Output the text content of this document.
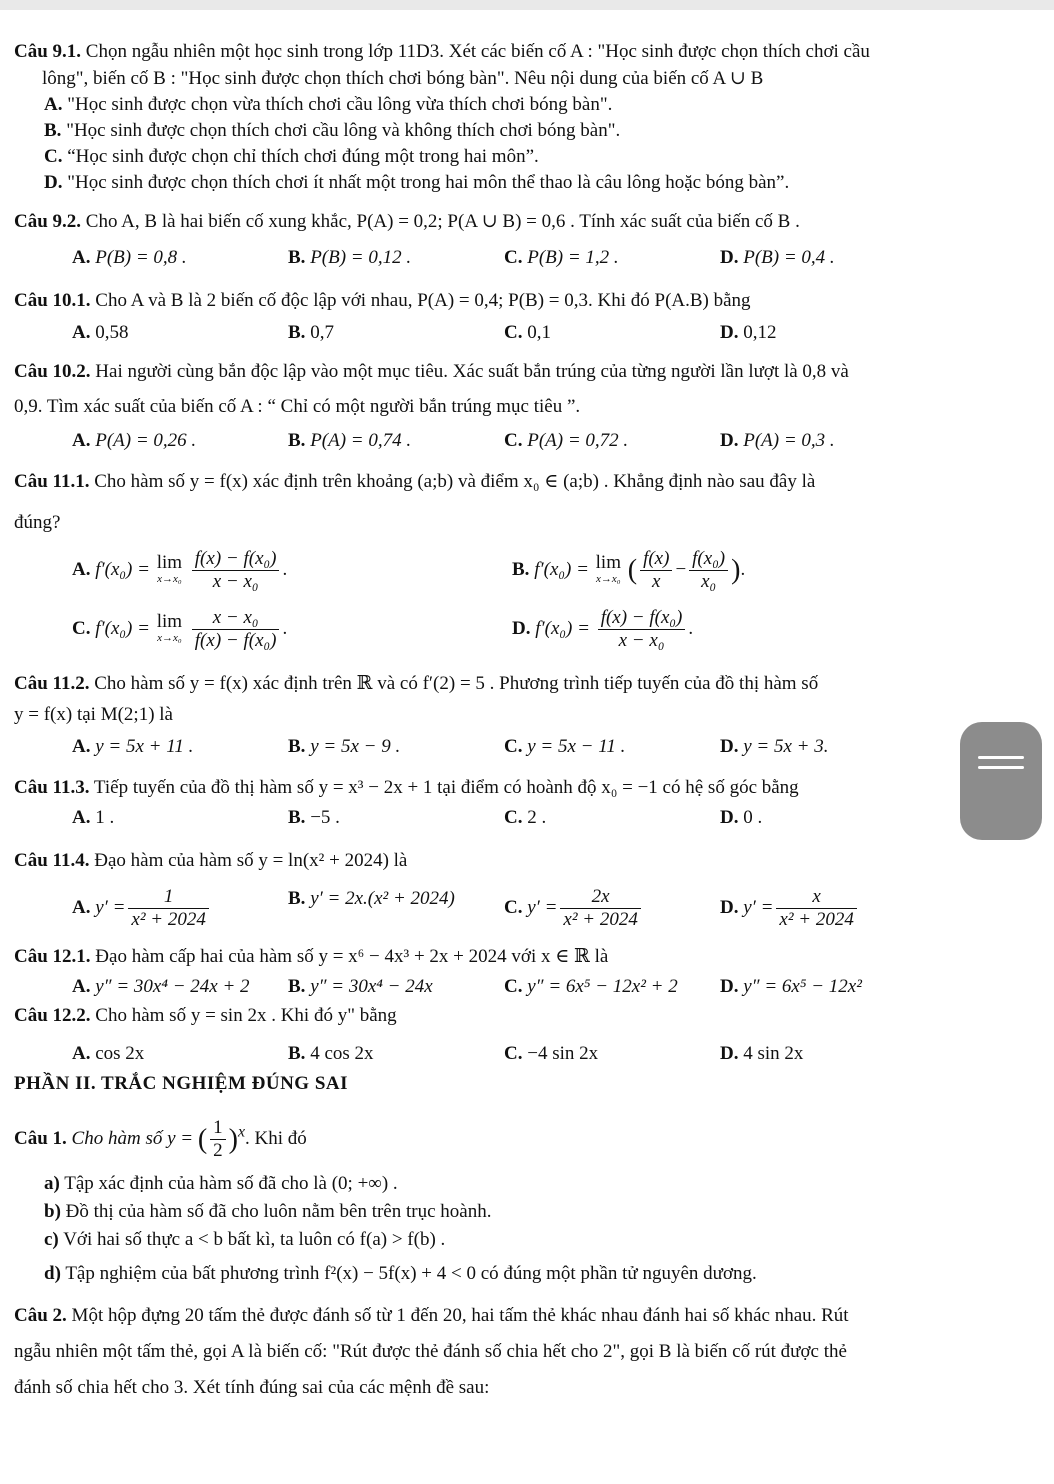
Câu 9.1. Chọn ngẫu nhiên một học sinh trong lớp 11D3. Xét các biến cố A : "Học sinh được chọn thích chơi cầu

lông", biến cố B : "Học sinh được chọn thích chơi bóng bàn". Nêu nội dung của biến cố A ∪ B

A. "Học sinh được chọn vừa thích chơi cầu lông vừa thích chơi bóng bàn".

B. "Học sinh được chọn thích chơi cầu lông và không thích chơi bóng bàn".

C. “Học sinh được chọn chỉ thích chơi đúng một trong hai môn”.

D. "Học sinh được chọn thích chơi ít nhất một trong hai môn thể thao là câu lông hoặc bóng bàn”.

Câu 9.2. Cho A, B là hai biến cố xung khắc, P(A) = 0,2; P(A ∪ B) = 0,6 . Tính xác suất của biến cố B .

A. P(B) = 0,8 .	B. P(B) = 0,12 .	C. P(B) = 1,2 .	D. P(B) = 0,4 .

Câu 10.1. Cho A và B là 2 biến cố độc lập với nhau, P(A) = 0,4; P(B) = 0,3. Khi đó P(A.B) bằng

A. 0,58	B. 0,7	C. 0,1	D. 0,12

Câu 10.2. Hai người cùng bắn độc lập vào một mục tiêu. Xác suất bắn trúng của từng người lần lượt là 0,8 và

0,9. Tìm xác suất của biến cố A : “ Chỉ có một người bắn trúng mục tiêu ”.

A. P(A) = 0,26 .	B. P(A) = 0,74 .	C. P(A) = 0,72 .	D. P(A) = 0,3 .

Câu 11.1. Cho hàm số y = f(x) xác định trên khoảng (a;b) và điểm x₀ ∈ (a;b) . Khẳng định nào sau đây là

đúng?

A. f′(x₀) = lim
x→x₀
$\frac{\text{f(x) − f(x₀)}}{\text{x − x₀}}$ .	B. f′(x₀) = lim
x→x₀ ( $\frac{f(x)}{x} - \frac{\text{f(x₀)}}{\text{x₀}}$ ).
C. f′(x₀) = lim
x→x₀
$\frac{\text{x − x₀}}{\text{f(x) − f(x₀)}}$ .	D. $f'(x_0) = \frac{\text{f(x) − f(x₀)}}{\text{x − x₀}}$ .

Câu 11.2. Cho hàm số y = f(x) xác định trên ℝ và có f′(2) = 5 . Phương trình tiếp tuyến của đồ thị hàm số

y = f(x) tại M(2;1) là

A. y = 5x + 11 .	B. y = 5x − 9 .	C. y = 5x − 11 .	D. y = 5x + 3.

Câu 11.3. Tiếp tuyến của đồ thị hàm số y = x³ − 2x + 1 tại điểm có hoành độ x₀ = −1 có hệ số góc bằng

A. 1 .	B. −5 .	C. 2 .	D. 0 .

Câu 11.4. Đạo hàm của hàm số y = ln(x² + 2024) là

A. $y' = \frac{1}{\text{x² + 2024}}$	B. y′ = 2x.(x² + 2024)	C. $y' = \frac{2x}{\text{x² + 2024}}$	D. $y' = \frac{x}{\text{x² + 2024}}$

Câu 12.1. Đạo hàm cấp hai của hàm số y = x⁶ − 4x³ + 2x + 2024 với x ∈ ℝ là

A. y″ = 30x⁴ − 24x + 2	B. y″ = 30x⁴ − 24x	C. y″ = 6x⁵ − 12x² + 2	D. y″ = 6x⁵ − 12x²

Câu 12.2. Cho hàm số y = sin 2x . Khi đó y" bằng

A. cos 2x	B. 4 cos 2x	C. −4 sin 2x	D. 4 sin 2x
PHẦN II. TRẮC NGHIỆM ĐÚNG SAI

Câu 1. Cho hàm số y = ( $\frac{1}{2} )^x$. Khi đó

a) Tập xác định của hàm số đã cho là (0; +∞) .

b) Đồ thị của hàm số đã cho luôn nằm bên trên trục hoành.

c) Với hai số thực a < b bất kì, ta luôn có f(a) > f(b) .

d) Tập nghiệm của bất phương trình f²(x) − 5f(x) + 4 < 0 có đúng một phần tử nguyên dương.

Câu 2. Một hộp đựng 20 tấm thẻ được đánh số từ 1 đến 20, hai tấm thẻ khác nhau đánh hai số khác nhau. Rút

ngẫu nhiên một tấm thẻ, gọi A là biến cố: "Rút được thẻ đánh số chia hết cho 2", gọi B là biến cố rút được thẻ

đánh số chia hết cho 3. Xét tính đúng sai của các mệnh đề sau:
